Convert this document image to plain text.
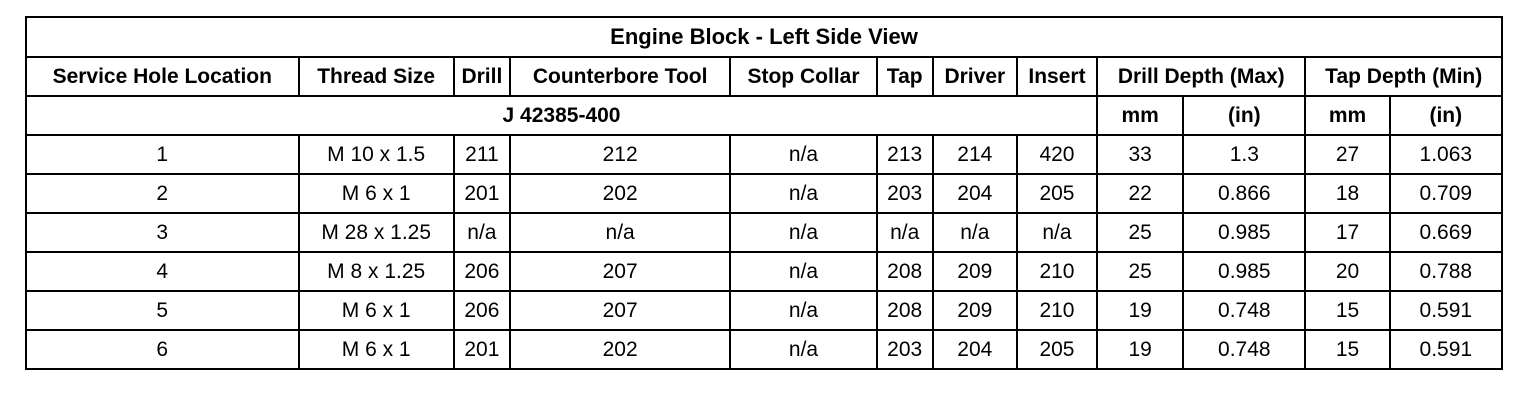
Engine Block - Left Side View											
Service Hole Location	Thread Size	Drill	Counterbore Tool	Stop Collar	Tap	Driver	Insert	Drill Depth (Max)		Tap Depth (Min)	
J 42385-400								mm	(in)	mm	(in)
1	M 10 x 1.5	211	212	n/a	213	214	420	33	1.3	27	1.063
2	M 6 x 1	201	202	n/a	203	204	205	22	0.866	18	0.709
3	M 28 x 1.25	n/a	n/a	n/a	n/a	n/a	n/a	25	0.985	17	0.669
4	M 8 x 1.25	206	207	n/a	208	209	210	25	0.985	20	0.788
5	M 6 x 1	206	207	n/a	208	209	210	19	0.748	15	0.591
6	M 6 x 1	201	202	n/a	203	204	205	19	0.748	15	0.591
